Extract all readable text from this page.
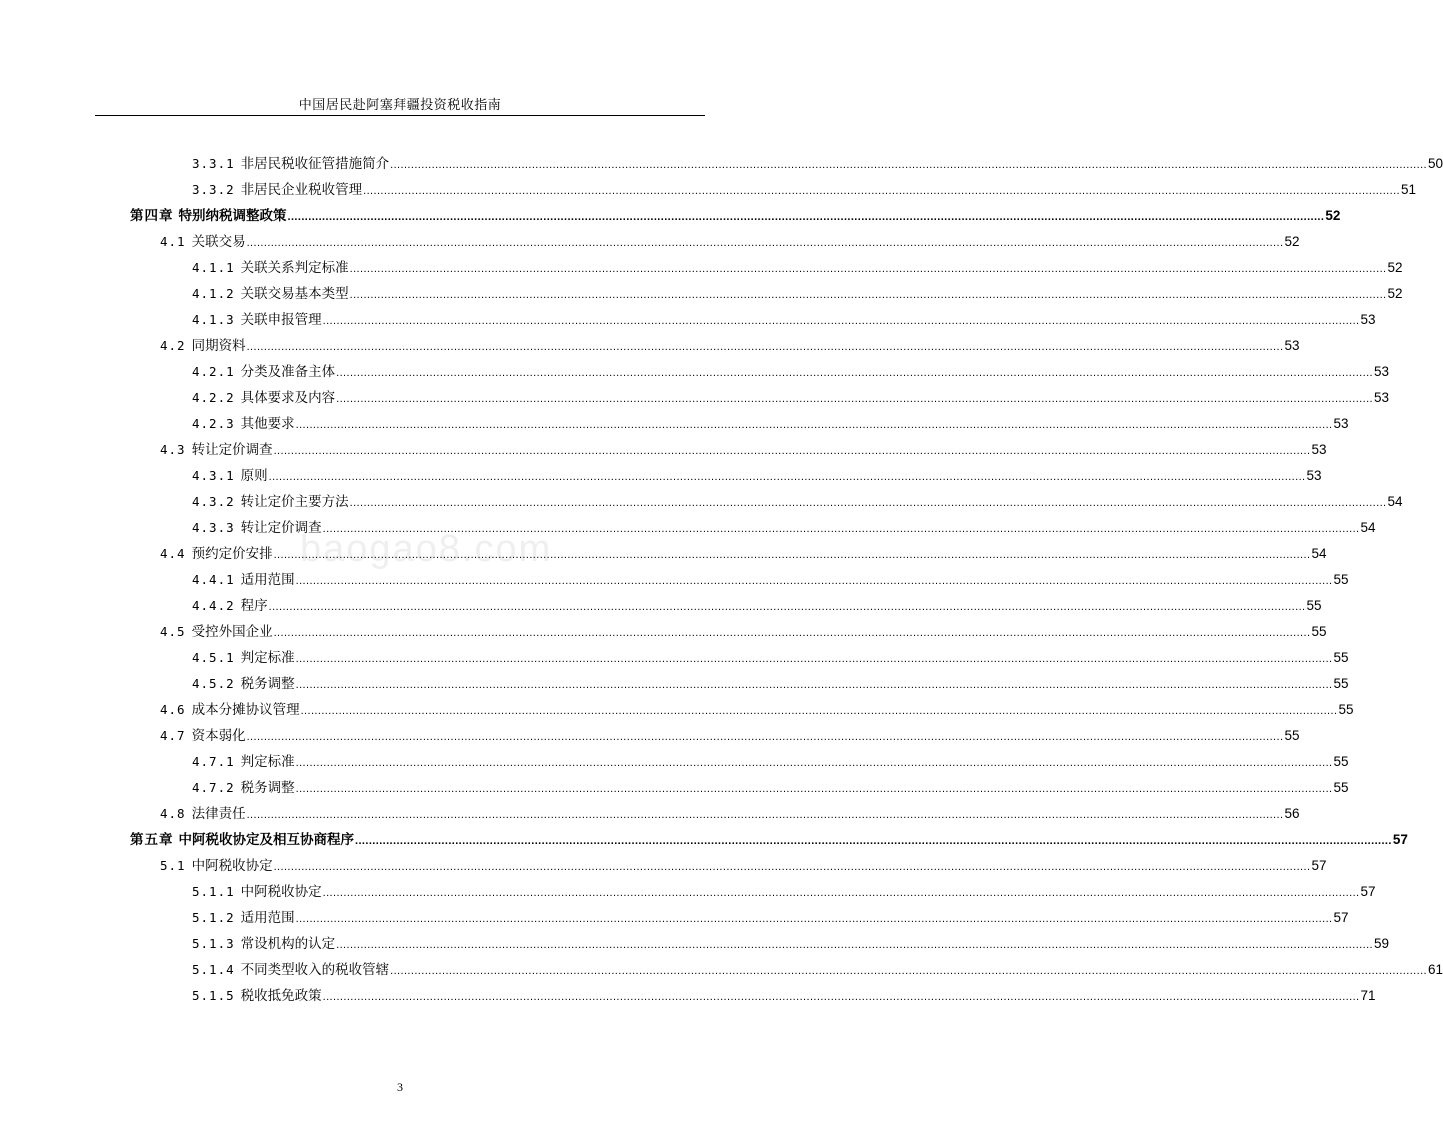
中国居民赴阿塞拜疆投资税收指南
baogao8.com
3.3.1 非居民税收征管措施简介 ............................................................................................................................................................................................................................................................................................................ 50
3.3.2 非居民企业税收管理 ............................................................................................................................................................................................................................................................................................................ 51
第四章 特别纳税调整政策 ............................................................................................................................................................................................................................................................................................................ 52
4.1 关联交易 ............................................................................................................................................................................................................................................................................................................ 52
4.1.1 关联关系判定标准 ............................................................................................................................................................................................................................................................................................................ 52
4.1.2 关联交易基本类型 ............................................................................................................................................................................................................................................................................................................ 52
4.1.3 关联申报管理 ............................................................................................................................................................................................................................................................................................................ 53
4.2 同期资料 ............................................................................................................................................................................................................................................................................................................ 53
4.2.1 分类及准备主体 ............................................................................................................................................................................................................................................................................................................ 53
4.2.2 具体要求及内容 ............................................................................................................................................................................................................................................................................................................ 53
4.2.3 其他要求 ............................................................................................................................................................................................................................................................................................................ 53
4.3 转让定价调查 ............................................................................................................................................................................................................................................................................................................ 53
4.3.1 原则 ............................................................................................................................................................................................................................................................................................................ 53
4.3.2 转让定价主要方法 ............................................................................................................................................................................................................................................................................................................ 54
4.3.3 转让定价调查 ............................................................................................................................................................................................................................................................................................................ 54
4.4 预约定价安排 ............................................................................................................................................................................................................................................................................................................ 54
4.4.1 适用范围 ............................................................................................................................................................................................................................................................................................................ 55
4.4.2 程序 ............................................................................................................................................................................................................................................................................................................ 55
4.5 受控外国企业 ............................................................................................................................................................................................................................................................................................................ 55
4.5.1 判定标准 ............................................................................................................................................................................................................................................................................................................ 55
4.5.2 税务调整 ............................................................................................................................................................................................................................................................................................................ 55
4.6 成本分摊协议管理 ............................................................................................................................................................................................................................................................................................................ 55
4.7 资本弱化 ............................................................................................................................................................................................................................................................................................................ 55
4.7.1 判定标准 ............................................................................................................................................................................................................................................................................................................ 55
4.7.2 税务调整 ............................................................................................................................................................................................................................................................................................................ 55
4.8 法律责任 ............................................................................................................................................................................................................................................................................................................ 56
第五章 中阿税收协定及相互协商程序 ............................................................................................................................................................................................................................................................................................................ 57
5.1 中阿税收协定 ............................................................................................................................................................................................................................................................................................................ 57
5.1.1 中阿税收协定 ............................................................................................................................................................................................................................................................................................................ 57
5.1.2 适用范围 ............................................................................................................................................................................................................................................................................................................ 57
5.1.3 常设机构的认定 ............................................................................................................................................................................................................................................................................................................ 59
5.1.4 不同类型收入的税收管辖 ............................................................................................................................................................................................................................................................................................................ 61
5.1.5 税收抵免政策 ............................................................................................................................................................................................................................................................................................................ 71
3
